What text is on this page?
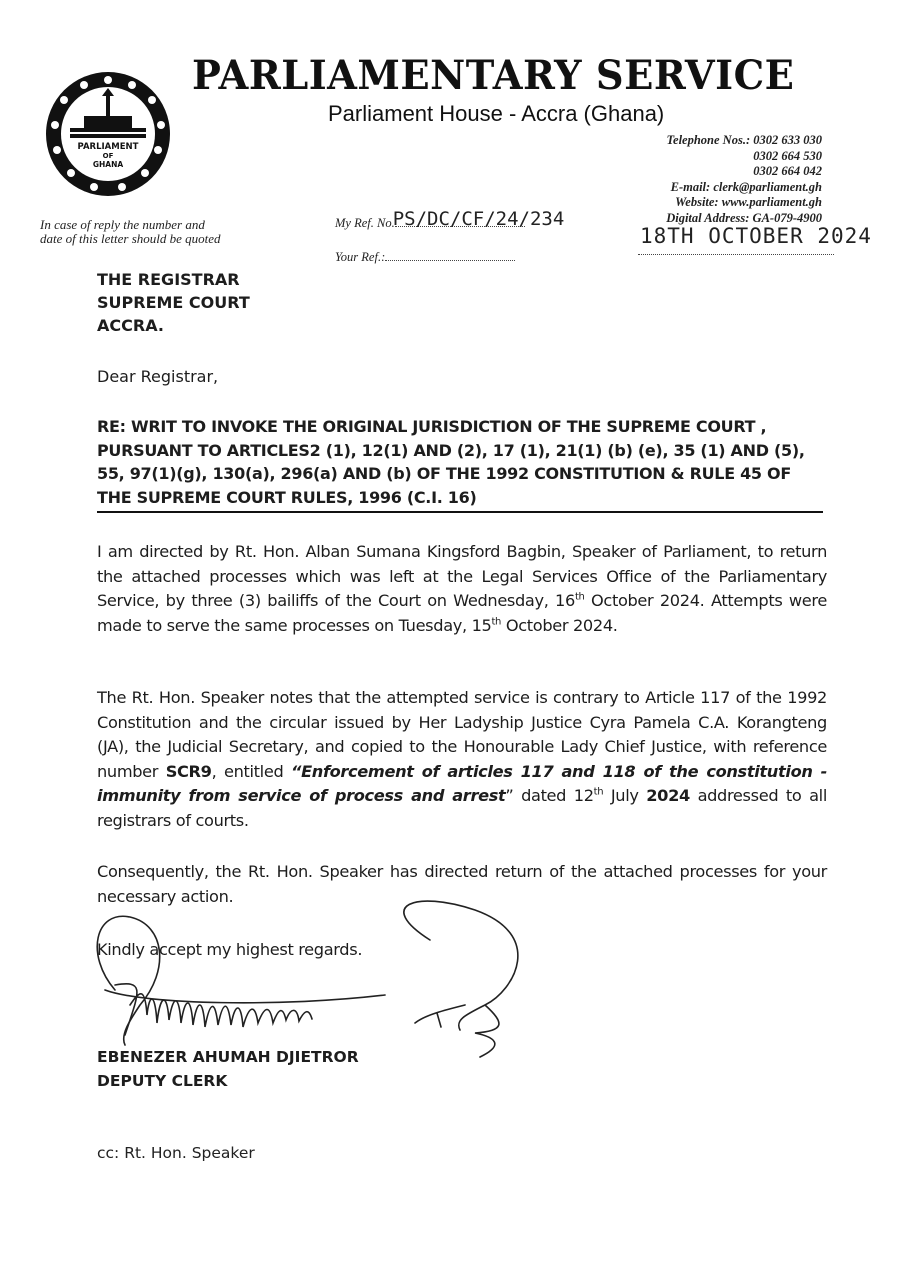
PARLIAMENT
OF
GHANA
PARLIAMENTARY SERVICE
Parliament House - Accra (Ghana)
In case of reply the number and date of this letter should be quoted
Telephone Nos.: 0302 633 030
0302 664 530
0302 664 042
E-mail: clerk@parliament.gh
Website: www.parliament.gh
Digital Address: GA-079-4900
18TH OCTOBER 2024
My Ref. No.
PS/DC/CF/24/234
Your Ref.:
THE REGISTRAR
SUPREME COURT
ACCRA.
Dear Registrar,
RE: WRIT TO INVOKE THE ORIGINAL JURISDICTION OF THE SUPREME COURT , PURSUANT TO ARTICLES2 (1), 12(1) AND (2), 17 (1), 21(1) (b) (e), 35 (1) AND (5), 55, 97(1)(g), 130(a), 296(a) AND (b) OF THE 1992 CONSTITUTION & RULE 45 OF THE SUPREME COURT RULES, 1996 (C.I. 16)
I am directed by Rt. Hon. Alban Sumana Kingsford Bagbin, Speaker of Parliament, to return the attached processes which was left at the Legal Services Office of the Parliamentary Service, by three (3) bailiffs of the Court on Wednesday, 16th October 2024. Attempts were made to serve the same processes on Tuesday, 15th October 2024.
The Rt. Hon. Speaker notes that the attempted service is contrary to Article 117 of the 1992 Constitution and the circular issued by Her Ladyship Justice Cyra Pamela C.A. Korangteng (JA), the Judicial Secretary, and copied to the Honourable Lady Chief Justice, with reference number SCR9, entitled “Enforcement of articles 117 and 118 of the constitution -immunity from service of process and arrest” dated 12th July 2024 addressed to all registrars of courts.
Consequently, the Rt. Hon. Speaker has directed return of the attached processes for your necessary action.
Kindly accept my highest regards.
EBENEZER AHUMAH DJIETROR
DEPUTY CLERK
cc: Rt. Hon. Speaker
